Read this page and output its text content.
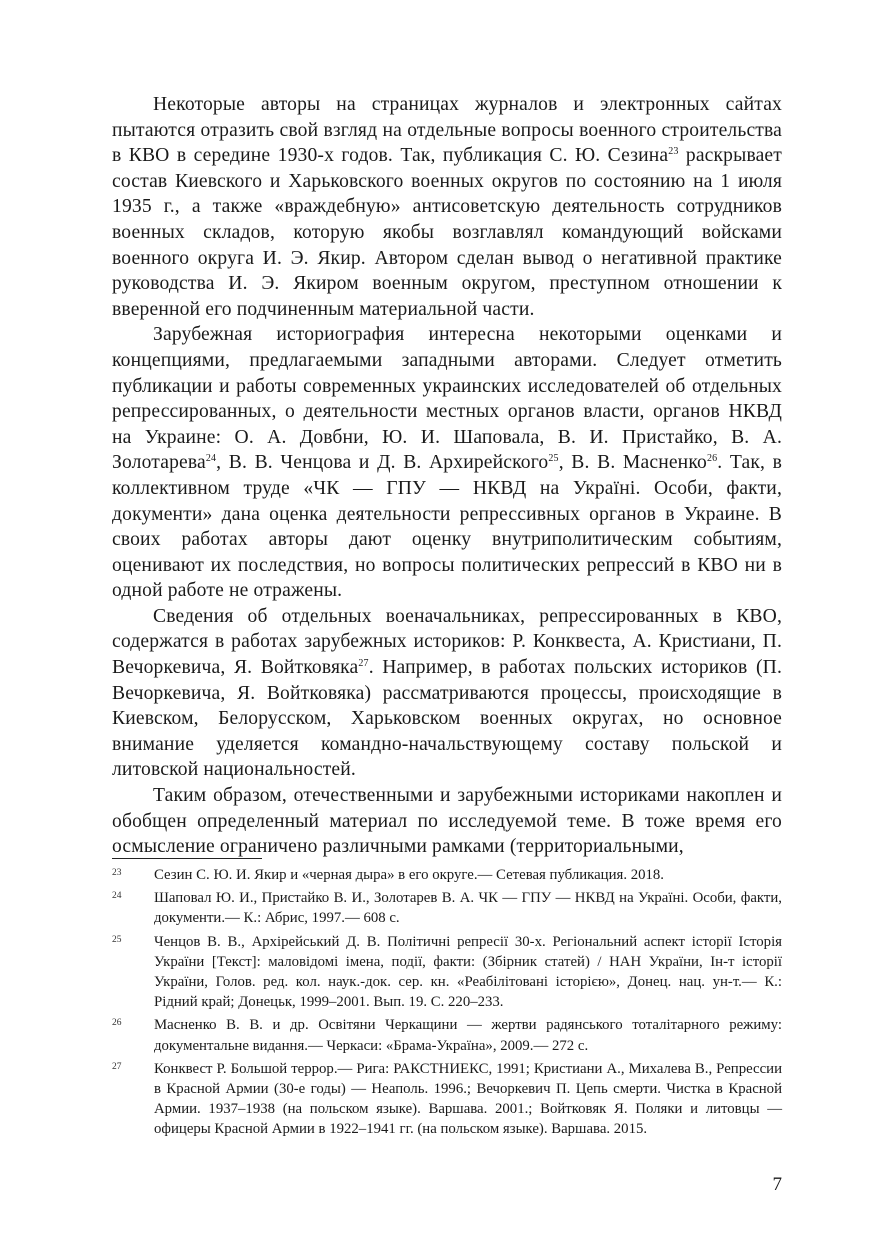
Некоторые авторы на страницах журналов и электронных сайтах пытаются отразить свой взгляд на отдельные вопросы военного строительства в КВО в середине 1930-х годов. Так, публикация С. Ю. Сезина$^{23}$ раскрывает состав Киевского и Харьковского военных округов по состоянию на 1 июля 1935 г., а также «враждебную» антисоветскую деятельность сотрудников военных складов, которую якобы возглавлял командующий войсками военного округа И. Э. Якир. Автором сделан вывод о негативной практике руководства И. Э. Якиром военным округом, преступном отношении к вверенной его подчиненным материальной части.

Зарубежная историография интересна некоторыми оценками и концепциями, предлагаемыми западными авторами. Следует отметить публикации и работы современных украинских исследователей об отдельных репрессированных, о деятельности местных органов власти, органов НКВД на Украине: О. А. Довбни, Ю. И. Шаповала, В. И. Пристайко, В. А. Золотарева$^{24}$, В. В. Ченцова и Д. В. Архирейского$^{25}$, В. В. Масненко$^{26}$. Так, в коллективном труде «ЧК — ГПУ — НКВД на Україні. Особи, факти, документи» дана оценка деятельности репрессивных органов в Украине. В своих работах авторы дают оценку внутриполитическим событиям, оценивают их последствия, но вопросы политических репрессий в КВО ни в одной работе не отражены.

Сведения об отдельных военачальниках, репрессированных в КВО, содержатся в работах зарубежных историков: Р. Конквеста, А. Кристиани, П. Вечоркевича, Я. Войтковяка$^{27}$. Например, в работах польских историков (П. Вечоркевича, Я. Войтковяка) рассматриваются процессы, происходящие в Киевском, Белорусском, Харьковском военных округах, но основное внимание уделяется командно-начальствующему составу польской и литовской национальностей.

Таким образом, отечественными и зарубежными историками накоплен и обобщен определенный материал по исследуемой теме. В тоже время его осмысление ограничено различными рамками (территориальными,

23	Сезин С. Ю. И. Якир и «черная дыра» в его округе.— Сетевая публикация. 2018.
24	Шаповал Ю. И., Пристайко В. И., Золотарев В. А. ЧК — ГПУ — НКВД на Україні. Особи, факти, документи.— К.: Абрис, 1997.— 608 с.
25	Ченцов В. В., Архірейський Д. В. Політичні репресії 30-х. Регіональний аспект історії Історія України [Текст]: маловідомі імена, події, факти: (Збірник статей) / НАН України, Ін-т історії України, Голов. ред. кол. наук.-док. сер. кн. «Реабілітовані історією», Донец. нац. ун-т.— К.: Рідний край; Донецьк, 1999–2001. Вып. 19. С. 220–233.
26	Масненко В. В. и др. Освітяни Черкащини — жертви радянського тоталітарного режиму: документальне видання.— Черкаси: «Брама-Україна», 2009.— 272 с.
27	Конквест Р. Большой террор.— Рига: РАКСТНИЕКС, 1991; Кристиани А., Михалева В., Репрессии в Красной Армии (30-е годы) — Неаполь. 1996.; Вечоркевич П. Цепь смерти. Чистка в Красной Армии. 1937–1938 (на польском языке). Варшава. 2001.; Войтковяк Я. Поляки и литовцы — офицеры Красной Армии в 1922–1941 гг. (на польском языке). Варшава. 2015.
7
